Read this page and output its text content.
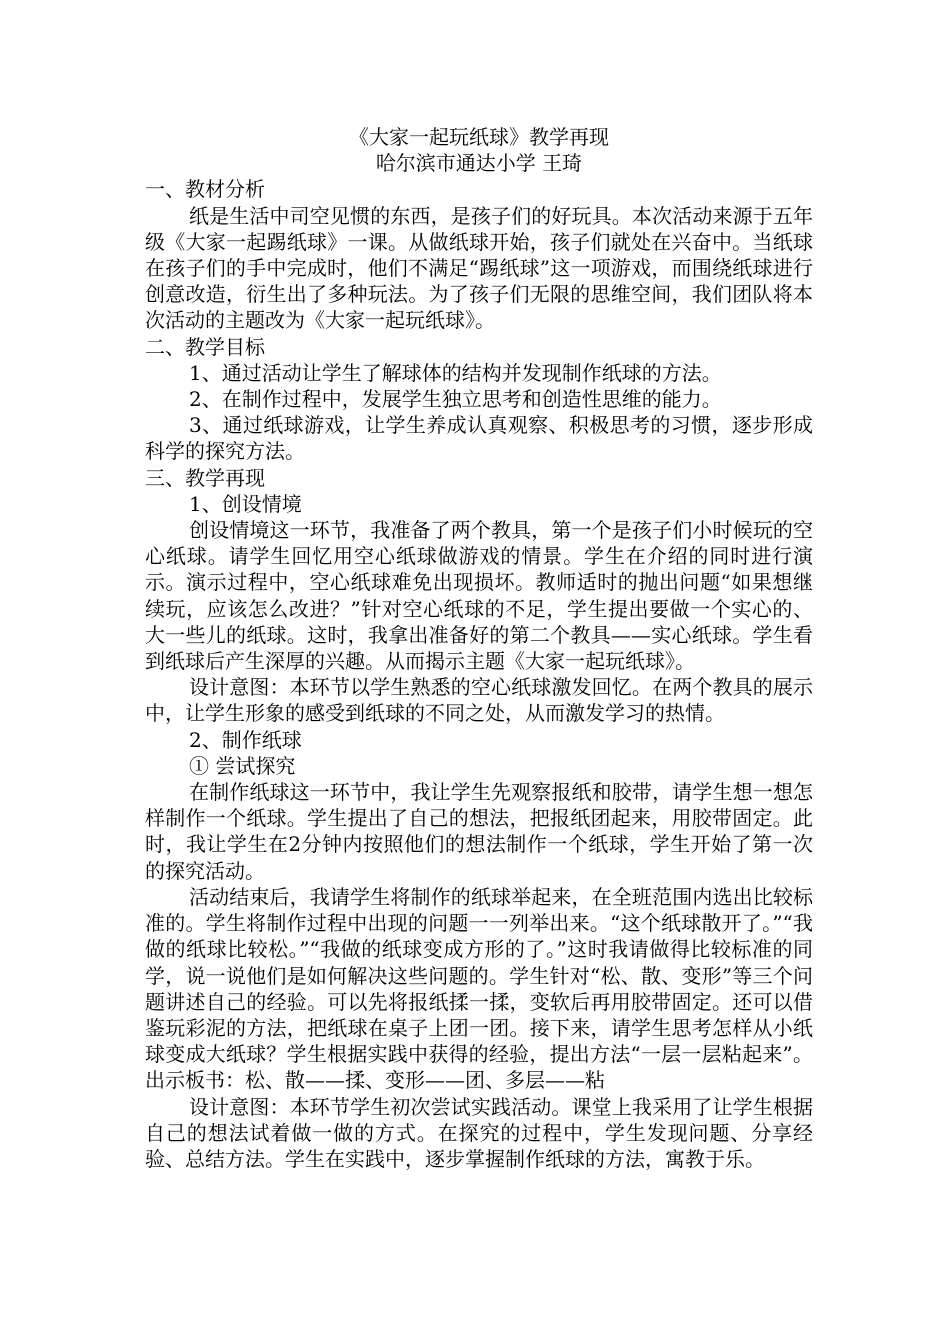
《大家一起玩纸球》教学再现
哈尔滨市通达小学 王琦
一、教材分析

纸是生活中司空见惯的东西，是孩子们的好玩具。本次活动来源于五年级《大家一起踢纸球》一课。从做纸球开始，孩子们就处在兴奋中。当纸球在孩子们的手中完成时，他们不满足“踢纸球”这一项游戏，而围绕纸球进行创意改造，衍生出了多种玩法。为了孩子们无限的思维空间，我们团队将本次活动的主题改为《大家一起玩纸球》。

二、教学目标

1、通过活动让学生了解球体的结构并发现制作纸球的方法。

2、在制作过程中，发展学生独立思考和创造性思维的能力。

3、通过纸球游戏，让学生养成认真观察、积极思考的习惯，逐步形成科学的探究方法。

三、教学再现
1、创设情境

创设情境这一环节，我准备了两个教具，第一个是孩子们小时候玩的空心纸球。请学生回忆用空心纸球做游戏的情景。学生在介绍的同时进行演示。演示过程中，空心纸球难免出现损坏。教师适时的抛出问题“如果想继续玩，应该怎么改进？”针对空心纸球的不足，学生提出要做一个实心的、大一些儿的纸球。这时，我拿出准备好的第二个教具——实心纸球。学生看到纸球后产生深厚的兴趣。从而揭示主题《大家一起玩纸球》。

设计意图：本环节以学生熟悉的空心纸球激发回忆。在两个教具的展示中，让学生形象的感受到纸球的不同之处，从而激发学习的热情。

2、制作纸球
① 尝试探究

在制作纸球这一环节中，我让学生先观察报纸和胶带，请学生想一想怎样制作一个纸球。学生提出了自己的想法，把报纸团起来，用胶带固定。此时，我让学生在2分钟内按照他们的想法制作一个纸球，学生开始了第一次的探究活动。

活动结束后，我请学生将制作的纸球举起来，在全班范围内选出比较标准的。学生将制作过程中出现的问题一一列举出来。“这个纸球散开了。”“我做的纸球比较松。”“我做的纸球变成方形的了。”这时我请做得比较标准的同学，说一说他们是如何解决这些问题的。学生针对“松、散、变形”等三个问题讲述自己的经验。可以先将报纸揉一揉，变软后再用胶带固定。还可以借鉴玩彩泥的方法，把纸球在桌子上团一团。接下来，请学生思考怎样从小纸球变成大纸球？学生根据实践中获得的经验，提出方法“一层一层粘起来”。出示板书：松、散——揉、变形——团、多层——粘

设计意图：本环节学生初次尝试实践活动。课堂上我采用了让学生根据自己的想法试着做一做的方式。在探究的过程中，学生发现问题、分享经验、总结方法。学生在实践中，逐步掌握制作纸球的方法，寓教于乐。
